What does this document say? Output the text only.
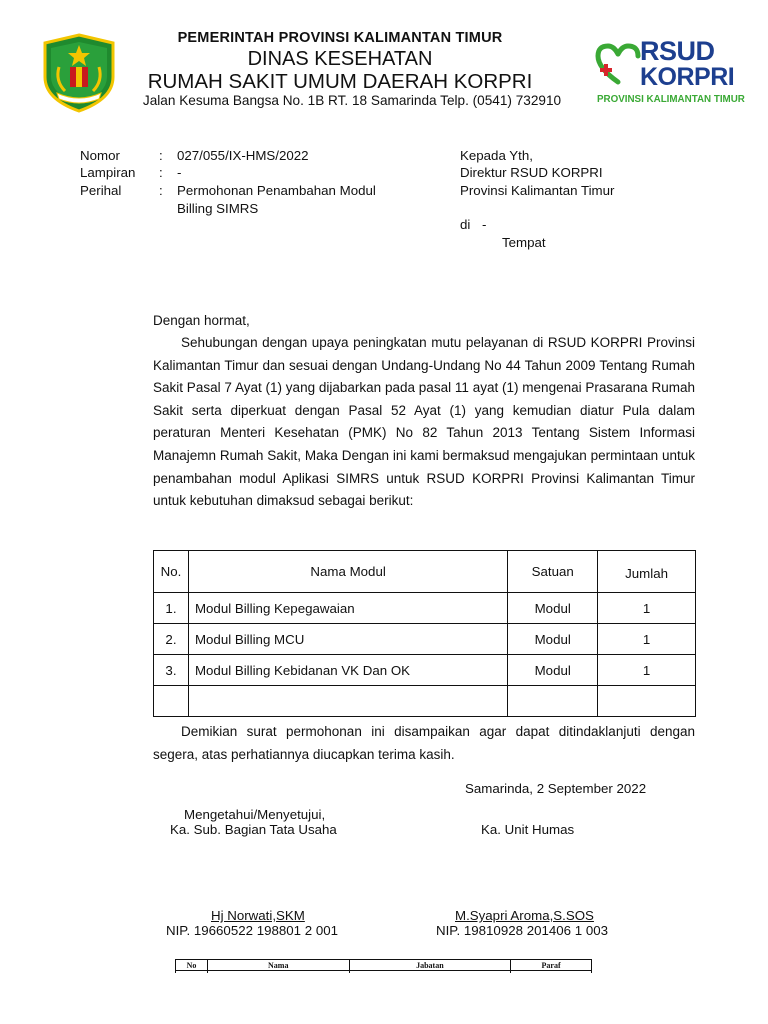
PEMERINTAH PROVINSI KALIMANTAN TIMUR
DINAS KESEHATAN
RUMAH SAKIT UMUM DAERAH KORPRI
Jalan Kesuma Bangsa No. 1B RT. 18 Samarinda Telp. (0541) 732910
RSUD
KORPRI
PROVINSI KALIMANTAN TIMUR
Nomor	: 027/055/IX-HMS/2022
Lampiran : -
Perihal	: Permohonan Penambahan Modul
Billing SIMRS
Kepada Yth,
Direktur RSUD KORPRI
Provinsi Kalimantan Timur
di -
Tempat
Dengan hormat,

Sehubungan dengan upaya peningkatan mutu pelayanan di RSUD KORPRI Provinsi Kalimantan Timur dan sesuai dengan Undang-Undang No 44 Tahun 2009 Tentang Rumah Sakit Pasal 7 Ayat (1) yang dijabarkan pada pasal 11 ayat (1) mengenai Prasarana Rumah Sakit serta diperkuat dengan Pasal 52 Ayat (1) yang kemudian diatur Pula dalam peraturan Menteri Kesehatan (PMK) No 82 Tahun 2013 Tentang Sistem Informasi Manajemn Rumah Sakit, Maka Dengan ini kami bermaksud mengajukan permintaan untuk penambahan modul Aplikasi SIMRS untuk RSUD KORPRI Provinsi Kalimantan Timur untuk kebutuhan dimaksud sebagai berikut:

No.	Nama Modul	Satuan	Jumlah
1.	Modul Billing Kepegawaian	Modul	1
2.	Modul Billing MCU	Modul	1
3.	Modul Billing Kebidanan VK Dan OK	Modul	1

Demikian surat permohonan ini disampaikan agar dapat ditindaklanjuti dengan segera, atas perhatiannya diucapkan terima kasih.

Samarinda, 2 September 2022
Mengetahui/Menyetujui,
Ka. Sub. Bagian Tata Usaha	Ka. Unit Humas
Hj Norwati,SKM
NIP. 19660522 198801 2 001
M.Syapri Aroma,S.SOS
NIP. 19810928 201406 1 003
No	Nama	Jabatan	Paraf
